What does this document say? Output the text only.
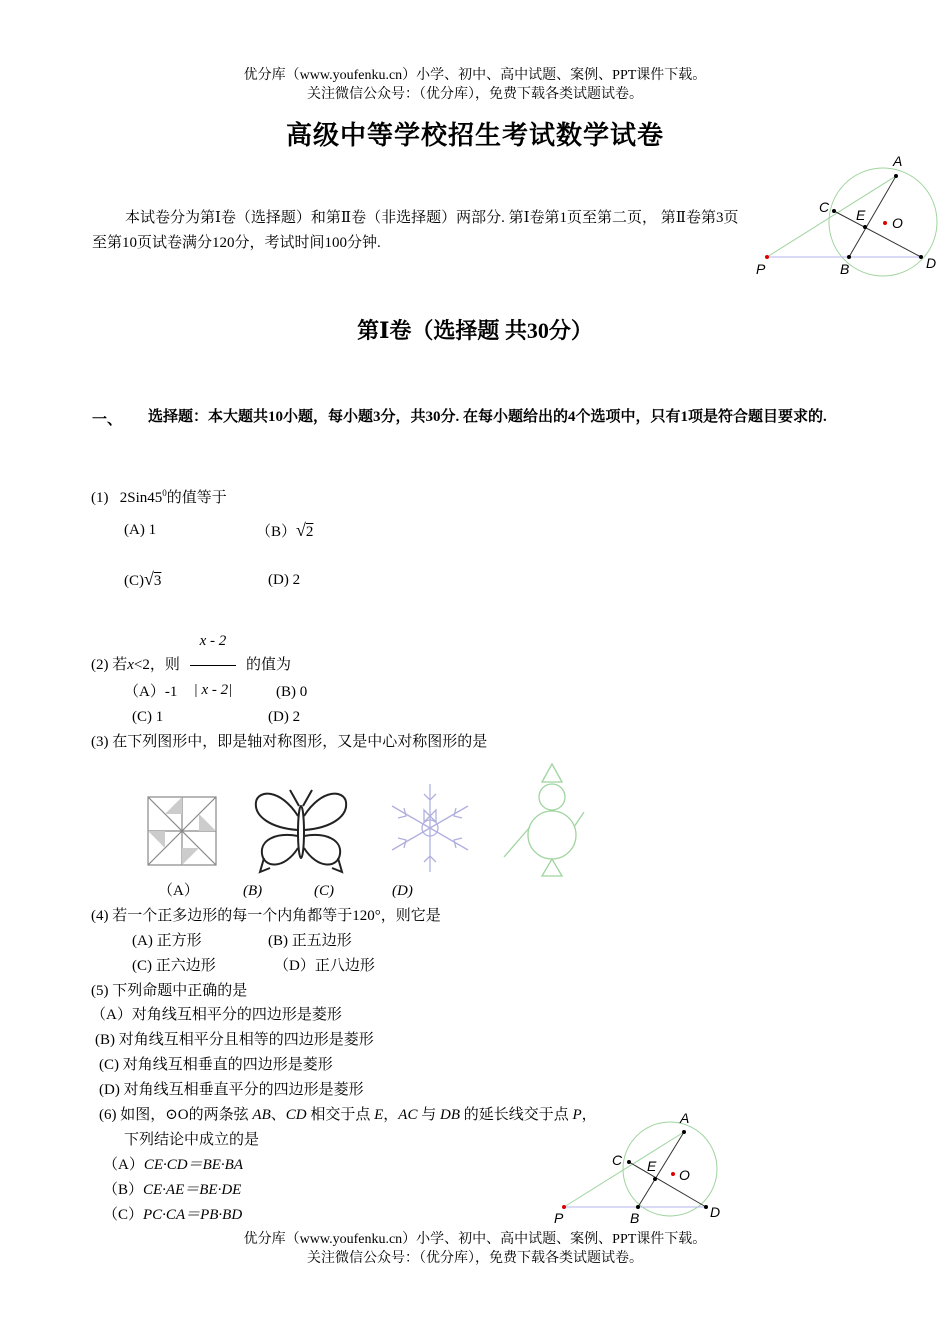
优分库（www.youfenku.cn）小学、初中、高中试题、案例、PPT课件下载。
关注微信公众号：（优分库），免费下载各类试题试卷。
高级中等学校招生考试数学试卷
A
C E O
B	D
P
本试卷分为第Ⅰ卷（选择题）和第Ⅱ卷（非选择题）两部分. 第Ⅰ卷第1页至第二页， 第Ⅱ卷第3页
至第10页试卷满分120分，考试时间100分钟.
第Ⅰ卷（选择题 共30分）
一、 选择题：本大题共10小题，每小题3分，共30分. 在每小题给出的4个选项中，只有1项是符合题目要求的.
(1) $2Sin45^0$的值等于
(A) 1	（B）√2
(C)√3	(D) 2
(2) 若x<2，则 $\frac{x - 2}{| x - 2|}$ 的值为
（A）-1	(B) 0
(C) 1	(D) 2
(3) 在下列图形中，即是轴对称图形，又是中心对称图形的是
（A）	(B)	(C)	(D)
(4) 若一个正多边形的每一个内角都等于120°，则它是
(A) 正方形	(B) 正五边形
(C) 正六边形	（D）正八边形
(5) 下列命题中正确的是
（A）对角线互相平分的四边形是菱形
(B) 对角线互相平分且相等的四边形是菱形
(C) 对角线互相垂直的四边形是菱形
(D) 对角线互相垂直平分的四边形是菱形
(6) 如图，⊙O的两条弦 AB、CD 相交于点 E，AC 与 DB 的延长线交于点 P，
下列结论中成立的是
（A）CE·CD＝BE·BA
（B）CE·AE＝BE·DE
（C）PC·CA＝PB·BD
A
C E
O
B	D
P
优分库（www.youfenku.cn）小学、初中、高中试题、案例、PPT课件下载。
关注微信公众号：（优分库），免费下载各类试题试卷。
